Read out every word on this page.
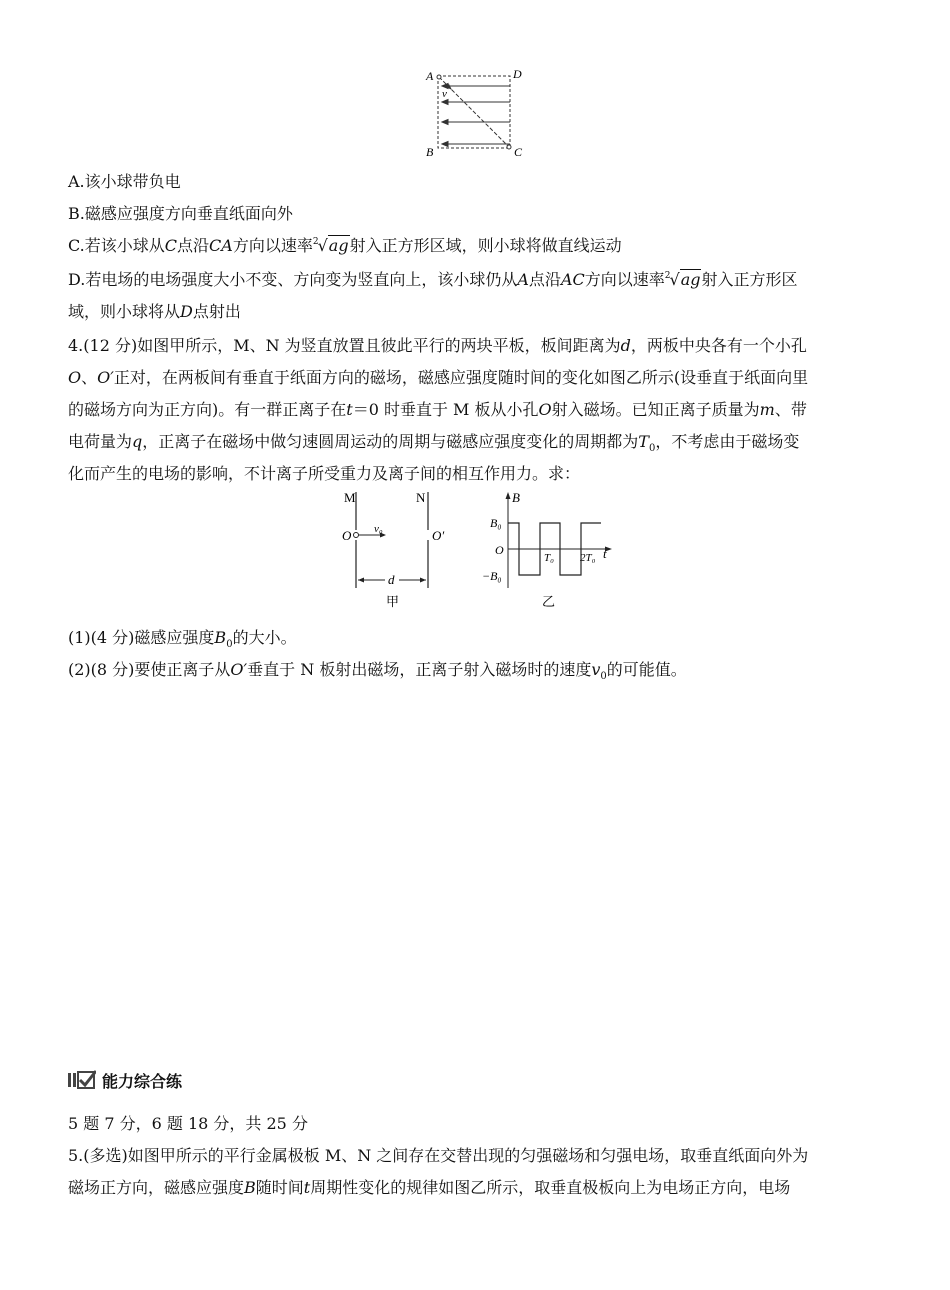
A	D
B	C
v
A.该小球带负电
B.磁感应强度方向垂直纸面向外
C.若该小球从C点沿CA方向以速率$^2$√ag射入正方形区域，则小球将做直线运动
D.若电场的电场强度大小不变、方向变为竖直向上，该小球仍从A点沿AC方向以速率$^2$√ag射入正方形区
域，则小球将从D点射出
4.(12 分)如图甲所示，M、N 为竖直放置且彼此平行的两块平板，板间距离为d，两板中央各有一个小孔
O、O′正对，在两板间有垂直于纸面方向的磁场，磁感应强度随时间的变化如图乙所示(设垂直于纸面向里
的磁场方向为正方向)。有一群正离子在t＝0 时垂直于 M 板从小孔O射入磁场。已知正离子质量为m、带
电荷量为q，正离子在磁场中做匀速圆周运动的周期与磁感应强度变化的周期都为$T_0$，不考虑由于磁场变
化而产生的电场的影响，不计离子所受重力及离子间的相互作用力。求：
M	N
O v₀	O′
d
甲
B
B₀
O
−B₀
t
T₀ 2T₀
乙
(1)(4 分)磁感应强度$B_0$的大小。
(2)(8 分)要使正离子从O′垂直于 N 板射出磁场，正离子射入磁场时的速度$v_0$的可能值。
能力综合练
5 题 7 分，6 题 18 分，共 25 分
5.(多选)如图甲所示的平行金属极板 M、N 之间存在交替出现的匀强磁场和匀强电场，取垂直纸面向外为
磁场正方向，磁感应强度B随时间t周期性变化的规律如图乙所示，取垂直极板向上为电场正方向，电场
